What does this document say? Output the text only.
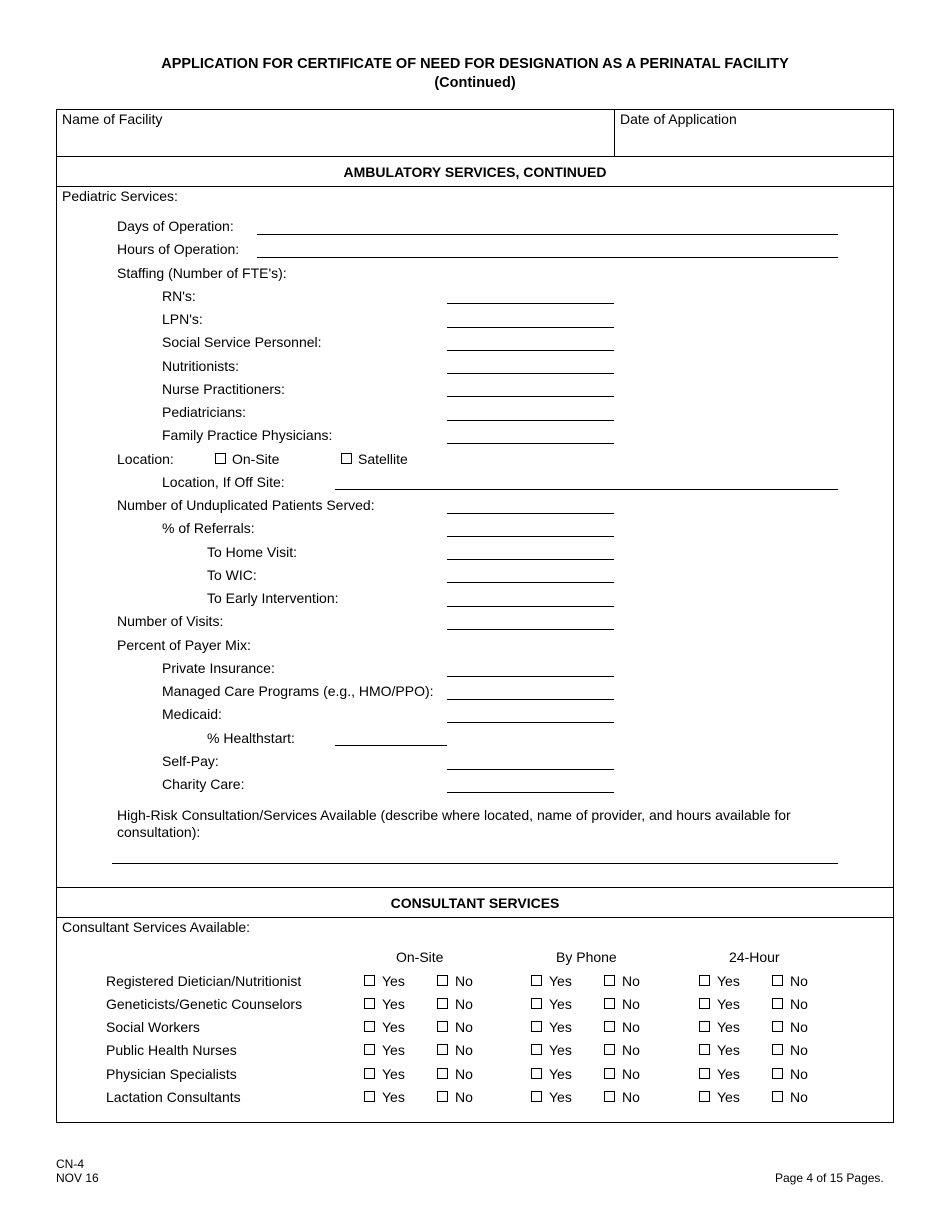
APPLICATION FOR CERTIFICATE OF NEED FOR DESIGNATION AS A PERINATAL FACILITY
(Continued)
Name of Facility	Date of Application
AMBULATORY SERVICES, CONTINUED
Pediatric Services:
Days of Operation:
Hours of Operation:
Staffing (Number of FTE's):
RN's:
LPN's:
Social Service Personnel:
Nutritionists:
Nurse Practitioners:
Pediatricians:
Family Practice Physicians:
Location:	On-Site	Satellite
Location, If Off Site:
Number of Unduplicated Patients Served:
% of Referrals:
To Home Visit:
To WIC:
To Early Intervention:
Number of Visits:
Percent of Payer Mix:
Private Insurance:
Managed Care Programs (e.g., HMO/PPO):
Medicaid:
% Healthstart:
Self-Pay:
Charity Care:
High-Risk Consultation/Services Available (describe where located, name of provider, and hours available for
consultation):
CONSULTANT SERVICES
Consultant Services Available:
On-Site	By Phone	24-Hour
Registered Dietician/Nutritionist	Yes	No	Yes	No	Yes	No
Geneticists/Genetic Counselors	Yes	No	Yes	No	Yes	No
Social Workers	Yes	No	Yes	No	Yes	No
Public Health Nurses	Yes	No	Yes	No	Yes	No
Physician Specialists	Yes	No	Yes	No	Yes	No
Lactation Consultants	Yes	No	Yes	No	Yes	No
CN-4
NOV 16	Page 4 of 15 Pages.
